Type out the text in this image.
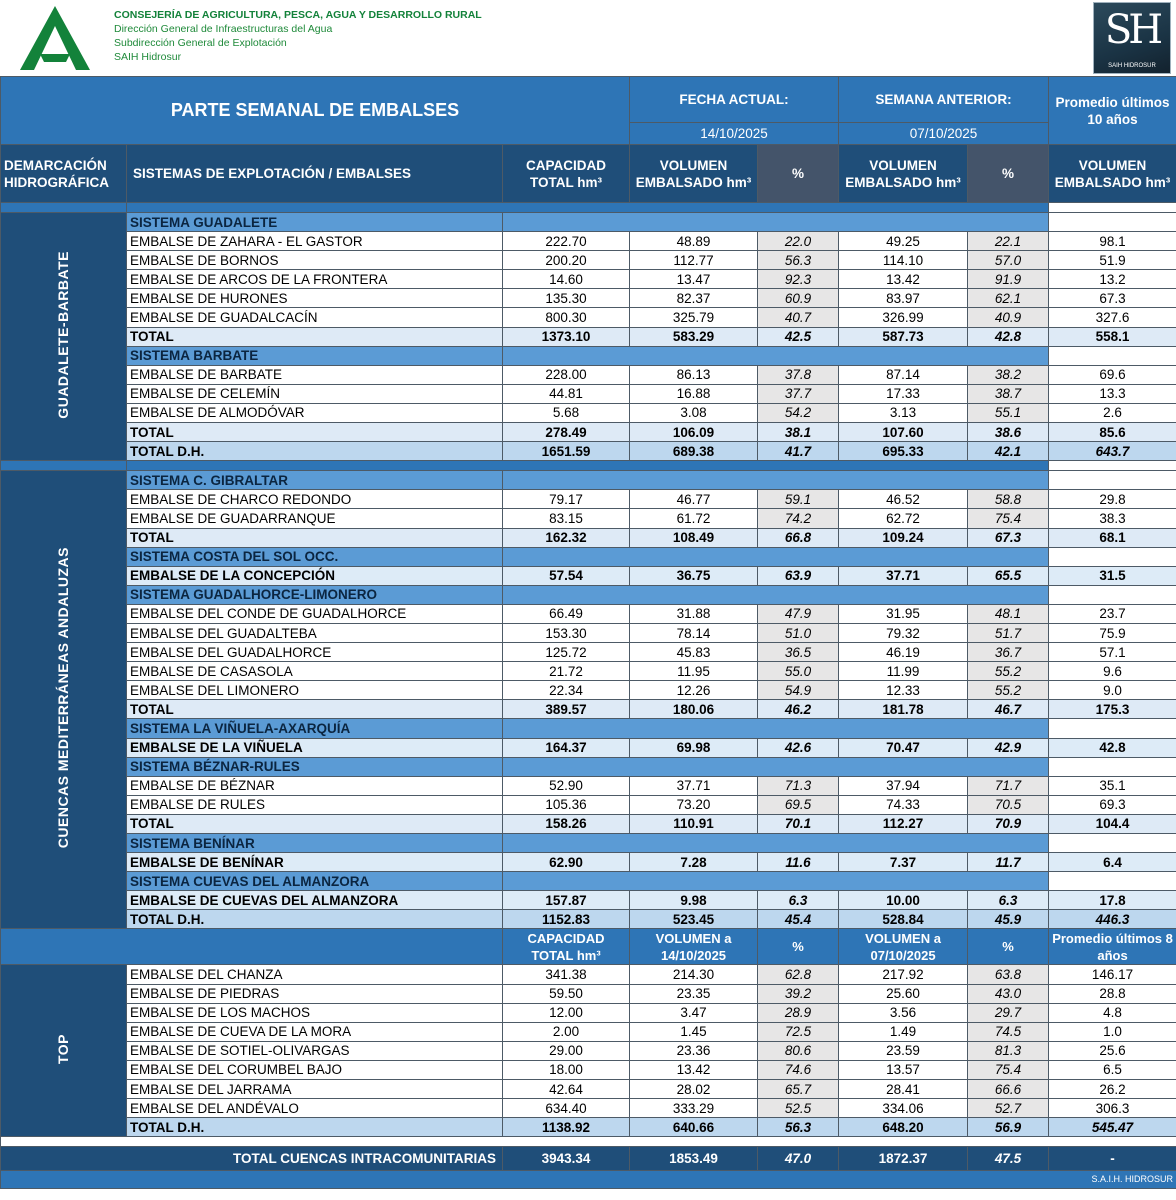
CONSEJERÍA DE AGRICULTURA, PESCA, AGUA Y DESARROLLO RURAL
Dirección General de Infraestructuras del Agua
Subdirección General de Explotación
SAIH Hidrosur
SH
SAIH HIDROSUR
PARTE SEMANAL DE EMBALSES			FECHA ACTUAL:		SEMANA ANTERIOR:		Promedio últimos 10 años
			14/10/2025		07/10/2025		
DEMARCACIÓN HIDROGRÁFICA	SISTEMAS DE EXPLOTACIÓN / EMBALSES	CAPACIDAD TOTAL hm³	VOLUMEN EMBALSADO hm³	%	VOLUMEN EMBALSADO hm³	%	VOLUMEN EMBALSADO hm³

GUADALETE-BARBATE	SISTEMA GUADALETE						
	EMBALSE DE ZAHARA - EL GASTOR	222.70	48.89	22.0	49.25	22.1	98.1
	EMBALSE DE BORNOS	200.20	112.77	56.3	114.10	57.0	51.9
	EMBALSE DE ARCOS DE LA FRONTERA	14.60	13.47	92.3	13.42	91.9	13.2
	EMBALSE DE HURONES	135.30	82.37	60.9	83.97	62.1	67.3
	EMBALSE DE GUADALCACÍN	800.30	325.79	40.7	326.99	40.9	327.6
	TOTAL	1373.10	583.29	42.5	587.73	42.8	558.1
	SISTEMA BARBATE						
	EMBALSE DE BARBATE	228.00	86.13	37.8	87.14	38.2	69.6
	EMBALSE DE CELEMÍN	44.81	16.88	37.7	17.33	38.7	13.3
	EMBALSE DE ALMODÓVAR	5.68	3.08	54.2	3.13	55.1	2.6
	TOTAL	278.49	106.09	38.1	107.60	38.6	85.6
	TOTAL D.H.	1651.59	689.38	41.7	695.33	42.1	643.7

CUENCAS MEDITERRÁNEAS ANDALUZAS	SISTEMA C. GIBRALTAR						
	EMBALSE DE CHARCO REDONDO	79.17	46.77	59.1	46.52	58.8	29.8
	EMBALSE DE GUADARRANQUE	83.15	61.72	74.2	62.72	75.4	38.3
	TOTAL	162.32	108.49	66.8	109.24	67.3	68.1
	SISTEMA COSTA DEL SOL OCC.						
	EMBALSE DE LA CONCEPCIÓN	57.54	36.75	63.9	37.71	65.5	31.5
	SISTEMA GUADALHORCE-LIMONERO						
	EMBALSE DEL CONDE DE GUADALHORCE	66.49	31.88	47.9	31.95	48.1	23.7
	EMBALSE DEL GUADALTEBA	153.30	78.14	51.0	79.32	51.7	75.9
	EMBALSE DEL GUADALHORCE	125.72	45.83	36.5	46.19	36.7	57.1
	EMBALSE DE CASASOLA	21.72	11.95	55.0	11.99	55.2	9.6
	EMBALSE DEL LIMONERO	22.34	12.26	54.9	12.33	55.2	9.0
	TOTAL	389.57	180.06	46.2	181.78	46.7	175.3
	SISTEMA LA VIÑUELA-AXARQUÍA						
	EMBALSE DE LA VIÑUELA	164.37	69.98	42.6	70.47	42.9	42.8
	SISTEMA BÉZNAR-RULES						
	EMBALSE DE BÉZNAR	52.90	37.71	71.3	37.94	71.7	35.1
	EMBALSE DE RULES	105.36	73.20	69.5	74.33	70.5	69.3
	TOTAL	158.26	110.91	70.1	112.27	70.9	104.4
	SISTEMA BENÍNAR						
	EMBALSE DE BENÍNAR	62.90	7.28	11.6	7.37	11.7	6.4
	SISTEMA CUEVAS DEL ALMANZORA						
	EMBALSE DE CUEVAS DEL ALMANZORA	157.87	9.98	6.3	10.00	6.3	17.8
	TOTAL D.H.	1152.83	523.45	45.4	528.84	45.9	446.3
		CAPACIDAD TOTAL hm³	VOLUMEN a 14/10/2025	%	VOLUMEN a 07/10/2025	%	Promedio últimos 8 años
TOP	EMBALSE DEL CHANZA	341.38	214.30	62.8	217.92	63.8	146.17
	EMBALSE DE PIEDRAS	59.50	23.35	39.2	25.60	43.0	28.8
	EMBALSE DE LOS MACHOS	12.00	3.47	28.9	3.56	29.7	4.8
	EMBALSE DE CUEVA DE LA MORA	2.00	1.45	72.5	1.49	74.5	1.0
	EMBALSE DE SOTIEL-OLIVARGAS	29.00	23.36	80.6	23.59	81.3	25.6
	EMBALSE DEL CORUMBEL BAJO	18.00	13.42	74.6	13.57	75.4	6.5
	EMBALSE DEL JARRAMA	42.64	28.02	65.7	28.41	66.6	26.2
	EMBALSE DEL ANDÉVALO	634.40	333.29	52.5	334.06	52.7	306.3
	TOTAL D.H.	1138.92	640.66	56.3	648.20	56.9	545.47

TOTAL CUENCAS INTRACOMUNITARIAS		3943.34	1853.49	47.0	1872.37	47.5	-
S.A.I.H. HIDROSUR							
